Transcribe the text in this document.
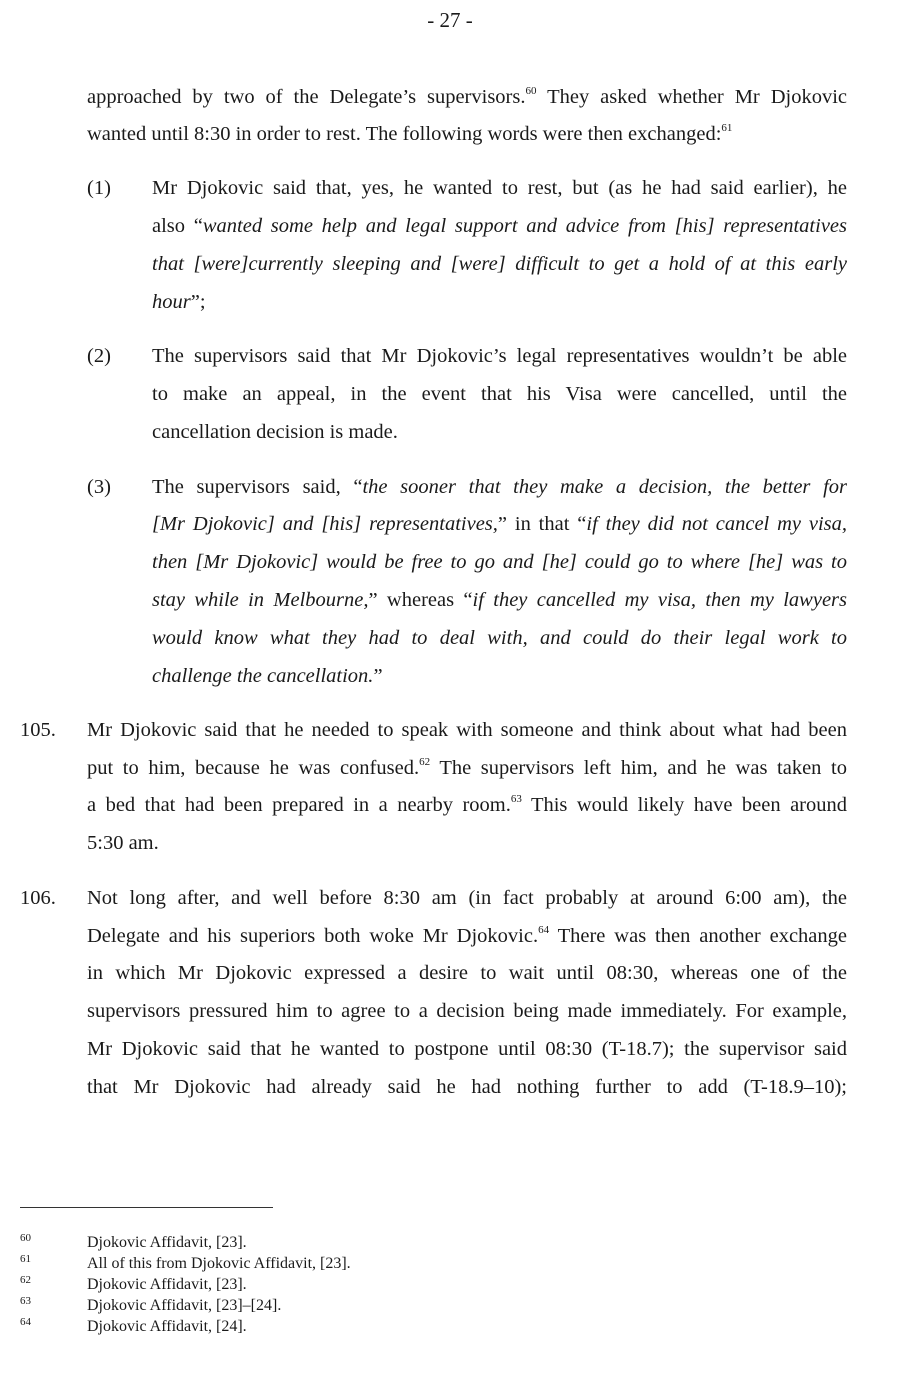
- 27 -
approached by two of the Delegate’s supervisors.$^{60}$ They asked whether Mr Djokovic
wanted until 8:30 in order to rest. The following words were then exchanged:$^{61}$
(1) Mr Djokovic said that, yes, he wanted to rest, but (as he had said earlier), he
also “wanted some help and legal support and advice from [his] representatives
that [were]currently sleeping and [were] difficult to get a hold of at this early
hour”;
(2) The supervisors said that Mr Djokovic’s legal representatives wouldn’t be able
to make an appeal, in the event that his Visa were cancelled, until the
cancellation decision is made.
(3) The supervisors said, “the sooner that they make a decision, the better for
[Mr Djokovic] and [his] representatives,” in that “if they did not cancel my visa,
then [Mr Djokovic] would be free to go and [he] could go to where [he] was to
stay while in Melbourne,” whereas “if they cancelled my visa, then my lawyers
would know what they had to deal with, and could do their legal work to
challenge the cancellation.”
105. Mr Djokovic said that he needed to speak with someone and think about what had been
put to him, because he was confused.$^{62}$ The supervisors left him, and he was taken to
a bed that had been prepared in a nearby room.$^{63}$ This would likely have been around
5:30 am.
106. Not long after, and well before 8:30 am (in fact probably at around 6:00 am), the
Delegate and his superiors both woke Mr Djokovic.$^{64}$ There was then another exchange
in which Mr Djokovic expressed a desire to wait until 08:30, whereas one of the
supervisors pressured him to agree to a decision being made immediately. For example,
Mr Djokovic said that he wanted to postpone until 08:30 (T-18.7); the supervisor said
that Mr Djokovic had already said he had nothing further to add (T-18.9–10);
60	Djokovic Affidavit, [23].
61	All of this from Djokovic Affidavit, [23].
62	Djokovic Affidavit, [23].
63	Djokovic Affidavit, [23]–[24].
64	Djokovic Affidavit, [24].
